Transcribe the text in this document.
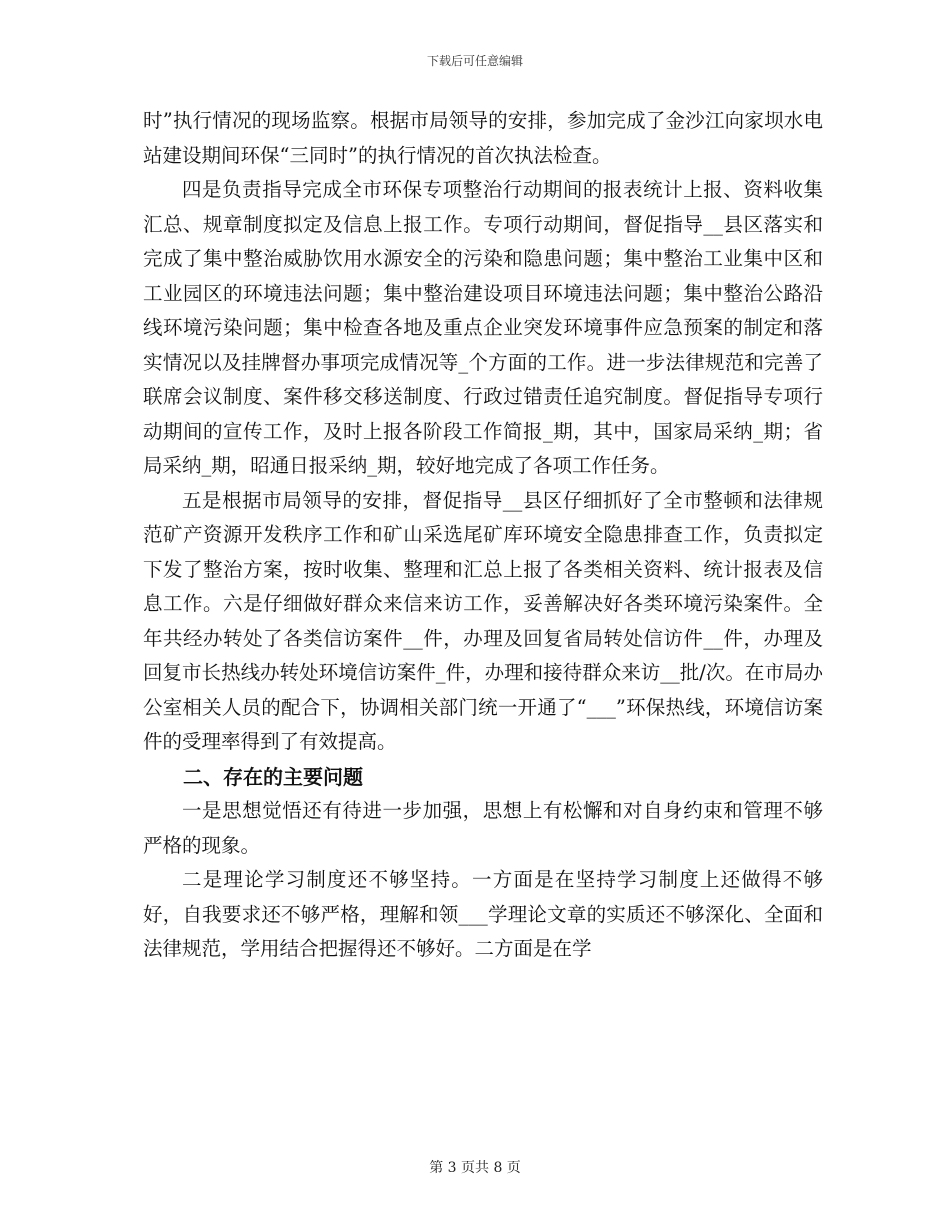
下载后可任意编辑

时”执行情况的现场监察。根据市局领导的安排，参加完成了金沙江向家坝水电站建设期间环保“三同时”的执行情况的首次执法检查。

四是负责指导完成全市环保专项整治行动期间的报表统计上报、资料收集汇总、规章制度拟定及信息上报工作。专项行动期间，督促指导__县区落实和完成了集中整治威胁饮用水源安全的污染和隐患问题；集中整治工业集中区和工业园区的环境违法问题；集中整治建设项目环境违法问题；集中整治公路沿线环境污染问题；集中检查各地及重点企业突发环境事件应急预案的制定和落实情况以及挂牌督办事项完成情况等_个方面的工作。进一步法律规范和完善了联席会议制度、案件移交移送制度、行政过错责任追究制度。督促指导专项行动期间的宣传工作，及时上报各阶段工作简报_期，其中，国家局采纳_期；省局采纳_期，昭通日报采纳_期，较好地完成了各项工作任务。

五是根据市局领导的安排，督促指导__县区仔细抓好了全市整顿和法律规范矿产资源开发秩序工作和矿山采选尾矿库环境安全隐患排查工作，负责拟定下发了整治方案，按时收集、整理和汇总上报了各类相关资料、统计报表及信息工作。六是仔细做好群众来信来访工作，妥善解决好各类环境污染案件。全年共经办转处了各类信访案件__件，办理及回复省局转处信访件__件，办理及回复市长热线办转处环境信访案件_件，办理和接待群众来访__批/次。在市局办公室相关人员的配合下，协调相关部门统一开通了“___”环保热线，环境信访案件的受理率得到了有效提高。

二、存在的主要问题

一是思想觉悟还有待进一步加强，思想上有松懈和对自身约束和管理不够严格的现象。

二是理论学习制度还不够坚持。一方面是在坚持学习制度上还做得不够好，自我要求还不够严格，理解和领___学理论文章的实质还不够深化、全面和法律规范，学用结合把握得还不够好。二方面是在学

第 3 页共 8 页
